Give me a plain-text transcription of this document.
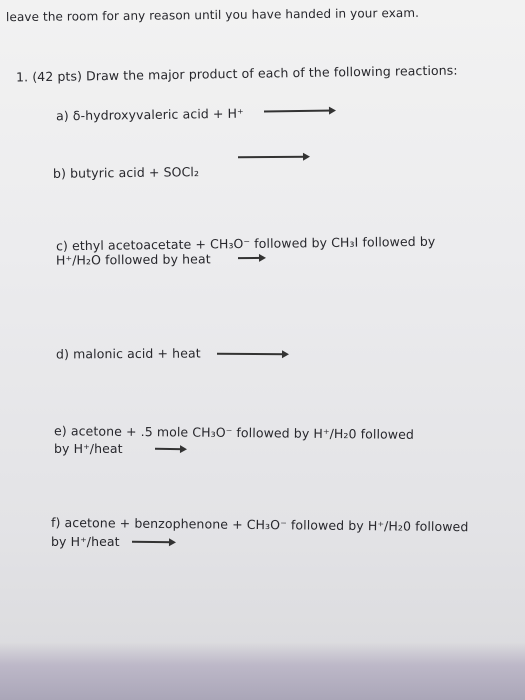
leave the room for any reason until you have handed in your exam.
1. (42 pts) Draw the major product of each of the following reactions:
a) δ-hydroxyvaleric acid + H⁺
b) butyric acid + SOCl₂
c) ethyl acetoacetate + CH₃O⁻ followed by CH₃I followed by
H⁺/H₂O followed by heat
d) malonic acid + heat
e) acetone + .5 mole CH₃O⁻ followed by H⁺/H₂0 followed
by H⁺/heat
f) acetone + benzophenone + CH₃O⁻ followed by H⁺/H₂0 followed
by H⁺/heat
